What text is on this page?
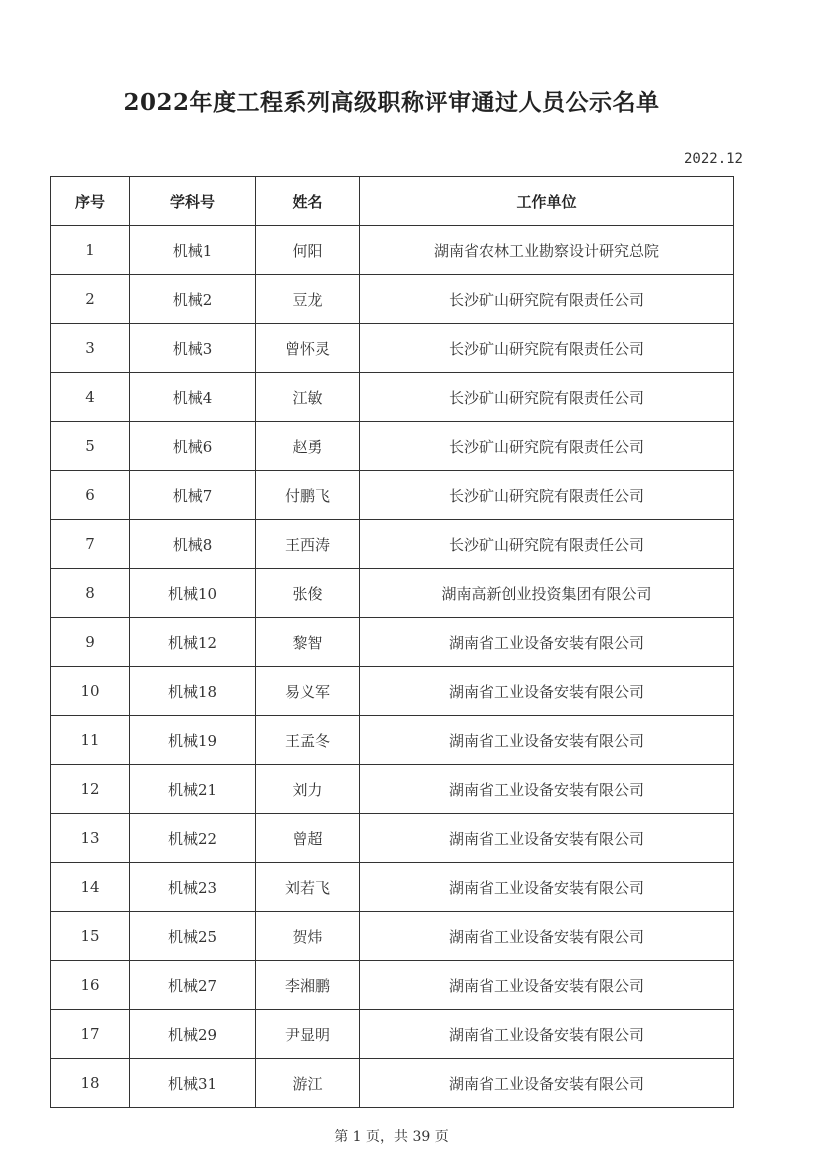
2022年度工程系列高级职称评审通过人员公示名单
2022.12
序号	学科号	姓名	工作单位
1	机械1	何阳	湖南省农林工业勘察设计研究总院
2	机械2	豆龙	长沙矿山研究院有限责任公司
3	机械3	曾怀灵	长沙矿山研究院有限责任公司
4	机械4	江敏	长沙矿山研究院有限责任公司
5	机械6	赵勇	长沙矿山研究院有限责任公司
6	机械7	付鹏飞	长沙矿山研究院有限责任公司
7	机械8	王西涛	长沙矿山研究院有限责任公司
8	机械10	张俊	湖南高新创业投资集团有限公司
9	机械12	黎智	湖南省工业设备安装有限公司
10	机械18	易义军	湖南省工业设备安装有限公司
11	机械19	王孟冬	湖南省工业设备安装有限公司
12	机械21	刘力	湖南省工业设备安装有限公司
13	机械22	曾超	湖南省工业设备安装有限公司
14	机械23	刘若飞	湖南省工业设备安装有限公司
15	机械25	贺炜	湖南省工业设备安装有限公司
16	机械27	李湘鹏	湖南省工业设备安装有限公司
17	机械29	尹显明	湖南省工业设备安装有限公司
18	机械31	游江	湖南省工业设备安装有限公司
第 1 页，共 39 页
